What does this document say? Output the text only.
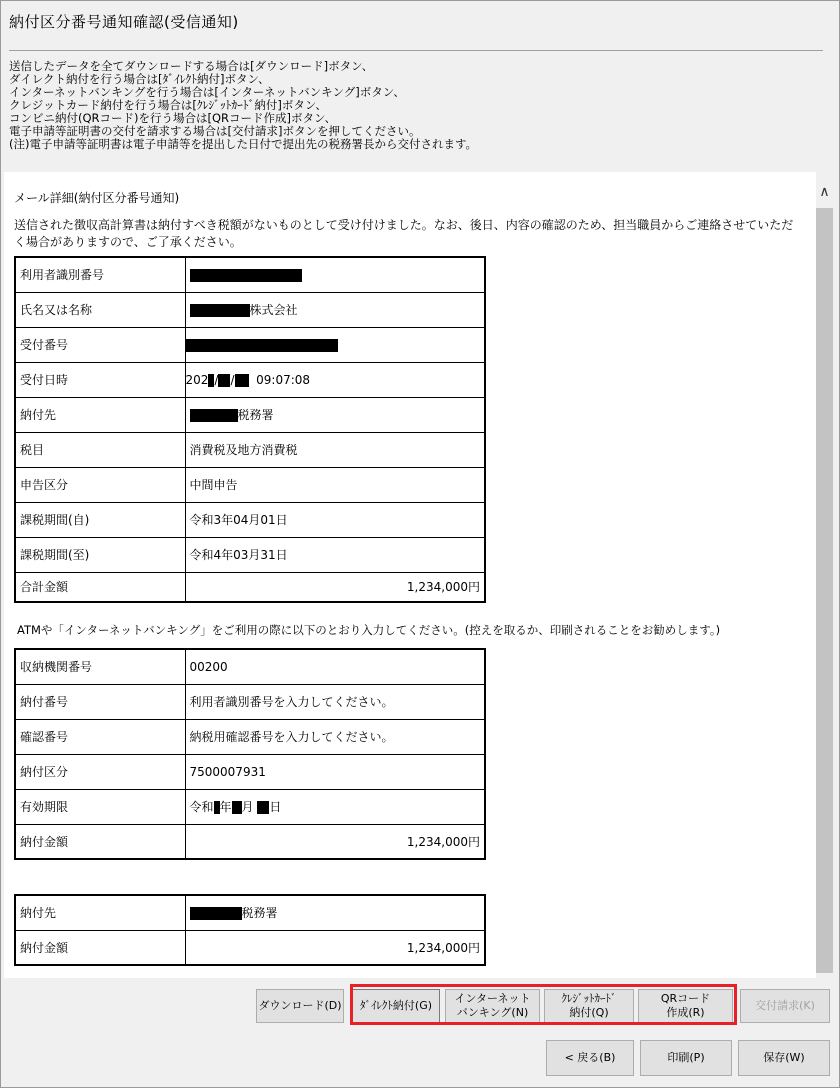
納付区分番号通知確認(受信通知)
送信したデータを全てダウンロードする場合は[ダウンロード]ボタン、
ダイレクト納付を行う場合は[ﾀﾞｲﾚｸﾄ納付]ボタン、
インターネットバンキングを行う場合は[インターネットバンキング]ボタン、
クレジットカード納付を行う場合は[ｸﾚｼﾞｯﾄｶｰﾄﾞ納付]ボタン、
コンビニ納付(QRコード)を行う場合は[QRコード作成]ボタン、
電子申請等証明書の交付を請求する場合は[交付請求]ボタンを押してください。
(注)電子申請等証明書は電子申請等を提出した日付で提出先の税務署長から交付されます。
メール詳細(納付区分番号通知)
送信された徴収高計算書は納付すべき税額がないものとして受け付けました。なお、後日、内容の確認のため、担当職員からご連絡させていただく場合がありますので、ご了承ください。
利用者識別番号	
氏名又は名称	株式会社
受付番号	
受付日時	202 / / 09:07:08
納付先	税務署
税目	消費税及地方消費税
申告区分	中間申告
課税期間(自)	令和3年04月01日
課税期間(至)	令和4年03月31日
合計金額	1,234,000円
ATMや「インターネットバンキング」をご利用の際に以下のとおり入力してください。(控えを取るか、印刷されることをお勧めします。)
収納機関番号	00200
納付番号	利用者識別番号を入力してください。
確認番号	納税用確認番号を入力してください。
納付区分	7500007931
有効期限	令和 年 月 日
納付金額	1,234,000円
納付先	税務署
納付金額	1,234,000円
∧
ダウンロード(D)	ﾀﾞｲﾚｸﾄ納付(G)
インターネット
バンキング(N)
ｸﾚｼﾞｯﾄｶｰﾄﾞ
納付(Q)
QRコード
作成(R)
交付請求(K)
< 戻る(B)	印刷(P)	保存(W)
